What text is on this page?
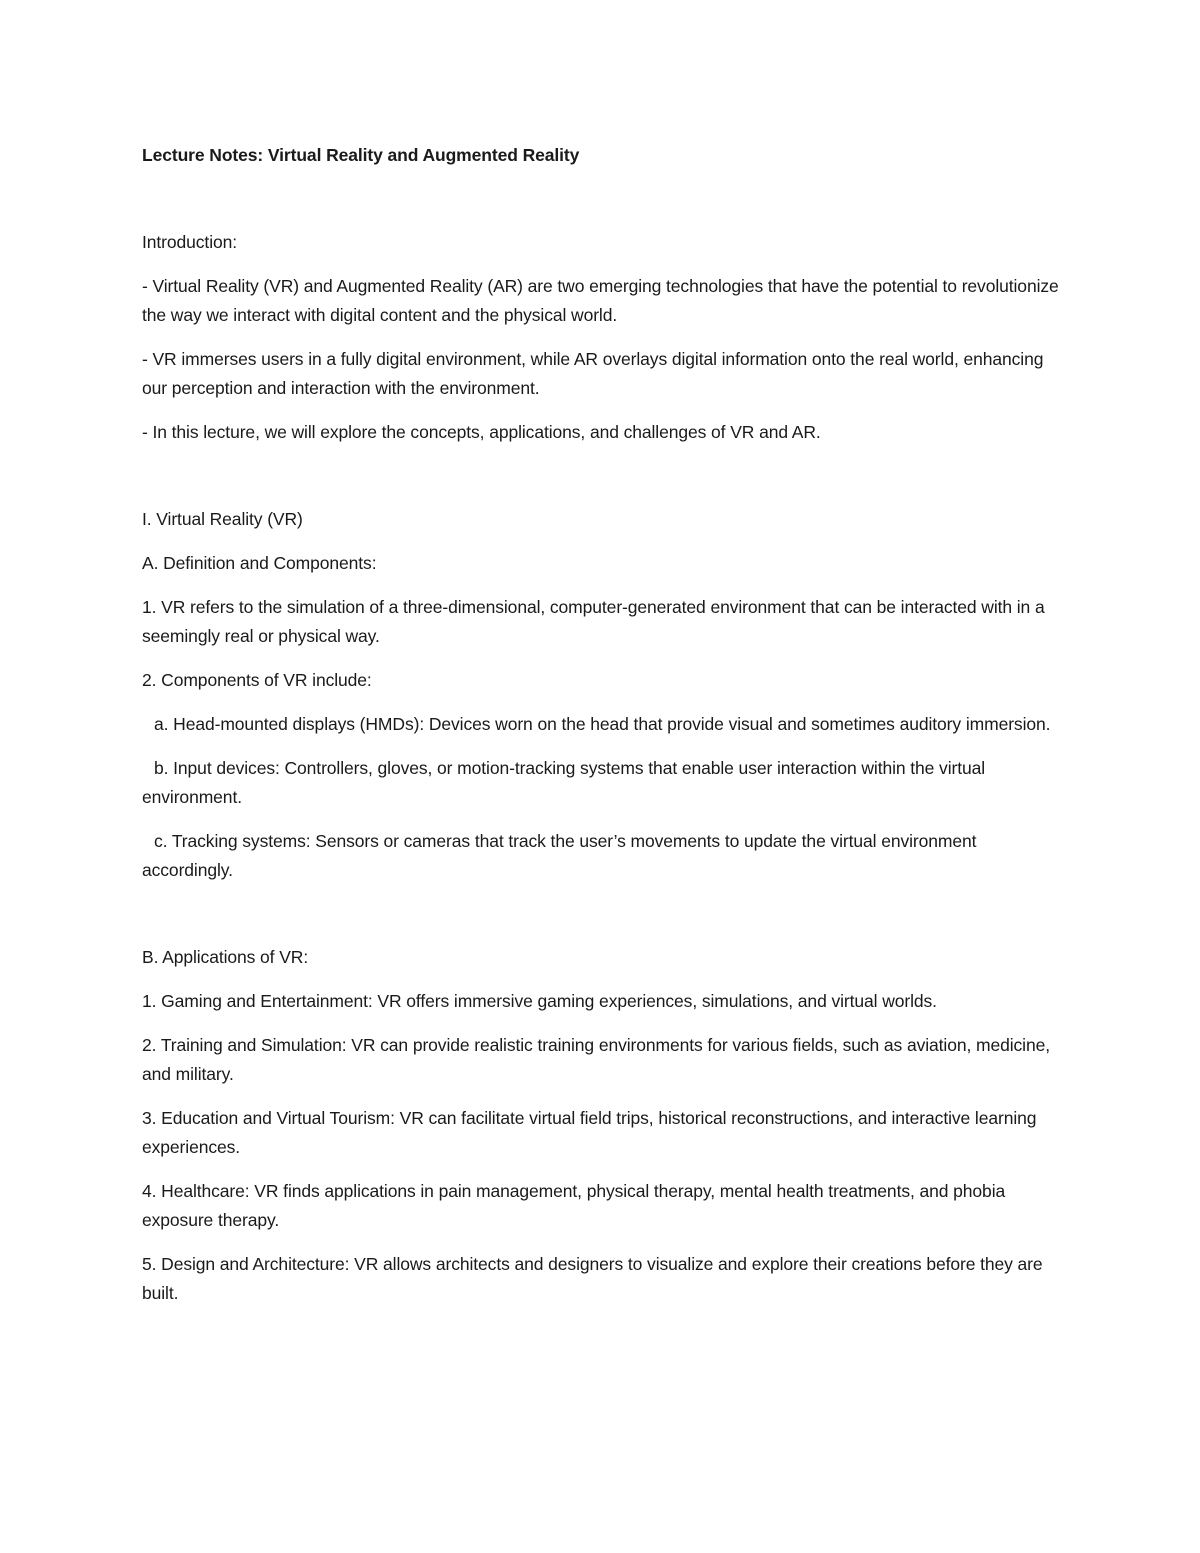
Lecture Notes: Virtual Reality and Augmented Reality

Introduction:

- Virtual Reality (VR) and Augmented Reality (AR) are two emerging technologies that have the potential to revolutionize the way we interact with digital content and the physical world.

- VR immerses users in a fully digital environment, while AR overlays digital information onto the real world, enhancing our perception and interaction with the environment.

- In this lecture, we will explore the concepts, applications, and challenges of VR and AR.

I. Virtual Reality (VR)

A. Definition and Components:

1. VR refers to the simulation of a three-dimensional, computer-generated environment that can be interacted with in a seemingly real or physical way.

2. Components of VR include:

a. Head-mounted displays (HMDs): Devices worn on the head that provide visual and sometimes auditory immersion.

b. Input devices: Controllers, gloves, or motion-tracking systems that enable user interaction within the virtual environment.

c. Tracking systems: Sensors or cameras that track the user’s movements to update the virtual environment accordingly.

B. Applications of VR:

1. Gaming and Entertainment: VR offers immersive gaming experiences, simulations, and virtual worlds.

2. Training and Simulation: VR can provide realistic training environments for various fields, such as aviation, medicine, and military.

3. Education and Virtual Tourism: VR can facilitate virtual field trips, historical reconstructions, and interactive learning experiences.

4. Healthcare: VR finds applications in pain management, physical therapy, mental health treatments, and phobia exposure therapy.

5. Design and Architecture: VR allows architects and designers to visualize and explore their creations before they are built.
